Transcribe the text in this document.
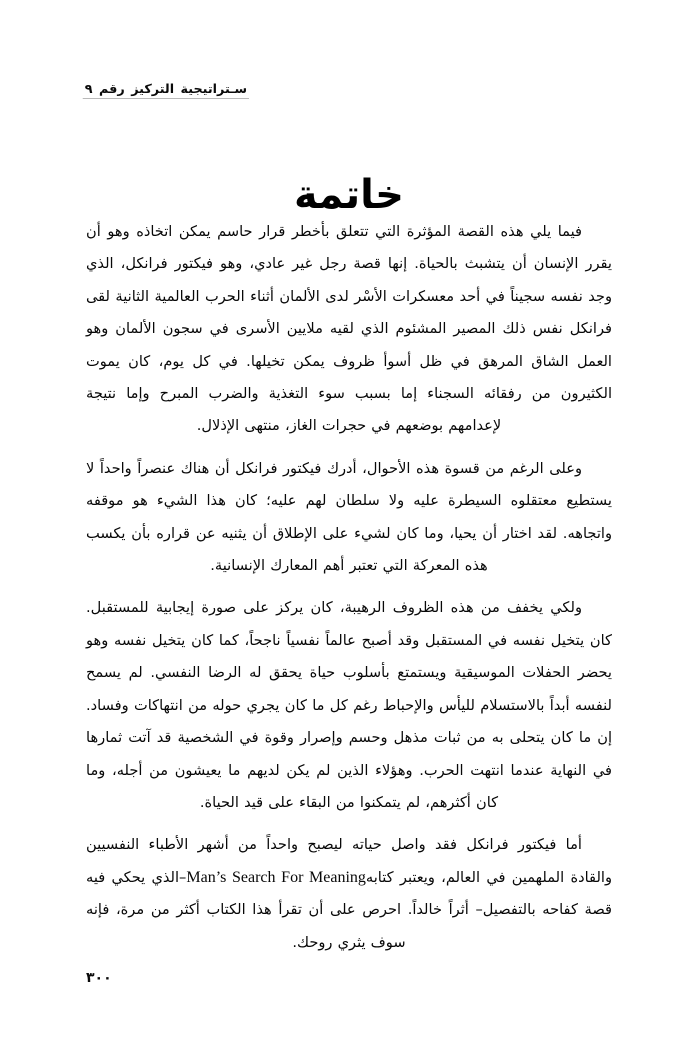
سـتراتيجية التركيز رقم ٩
خاتمة

فيما يلي هذه القصة المؤثرة التي تتعلق بأخطر قرار حاسم يمكن اتخاذه وهو أن يقرر الإنسان أن يتشبث بالحياة. إنها قصة رجل غير عادي، وهو فيكتور فرانكل، الذي وجد نفسه سجيناً في أحد معسكرات الأسْر لدى الألمان أثناء الحرب العالمية الثانية لقى فرانكل نفس ذلك المصير المشئوم الذي لقيه ملايين الأسرى في سجون الألمان وهو العمل الشاق المرهق في ظل أسوأ ظروف يمكن تخيلها. في كل يوم، كان يموت الكثيرون من رفقائه السجناء إما بسبب سوء التغذية والضرب المبرح وإما نتيجة لإعدامهم بوضعهم في حجرات الغاز، منتهى الإذلال.

وعلى الرغم من قسوة هذه الأحوال، أدرك فيكتور فرانكل أن هناك عنصراً واحداً لا يستطيع معتقلوه السيطرة عليه ولا سلطان لهم عليه؛ كان هذا الشيء هو موقفه واتجاهه. لقد اختار أن يحيا، وما كان لشيء على الإطلاق أن يثنيه عن قراره بأن يكسب هذه المعركة التي تعتبر أهم المعارك الإنسانية.

ولكي يخفف من هذه الظروف الرهيبة، كان يركز على صورة إيجابية للمستقبل. كان يتخيل نفسه في المستقبل وقد أصبح عالماً نفسياً ناجحاً، كما كان يتخيل نفسه وهو يحضر الحفلات الموسيقية ويستمتع بأسلوب حياة يحقق له الرضا النفسي. لم يسمح لنفسه أبداً بالاستسلام لليأس والإحباط رغم كل ما كان يجري حوله من انتهاكات وفساد. إن ما كان يتحلى به من ثبات مذهل وحسم وإصرار وقوة في الشخصية قد آتت ثمارها في النهاية عندما انتهت الحرب. وهؤلاء الذين لم يكن لديهم ما يعيشون من أجله، وما كان أكثرهم، لم يتمكنوا من البقاء على قيد الحياة.

أما فيكتور فرانكل فقد واصل حياته ليصبح واحداً من أشهر الأطباء النفسيين والقادة الملهمين في العالم، ويعتبر كتابهMan’s Search For Meaning–الذي يحكي فيه قصة كفاحه بالتفصيل– أثراً خالداً. احرص على أن تقرأ هذا الكتاب أكثر من مرة، فإنه سوف يثري روحك.

٣٠٠
